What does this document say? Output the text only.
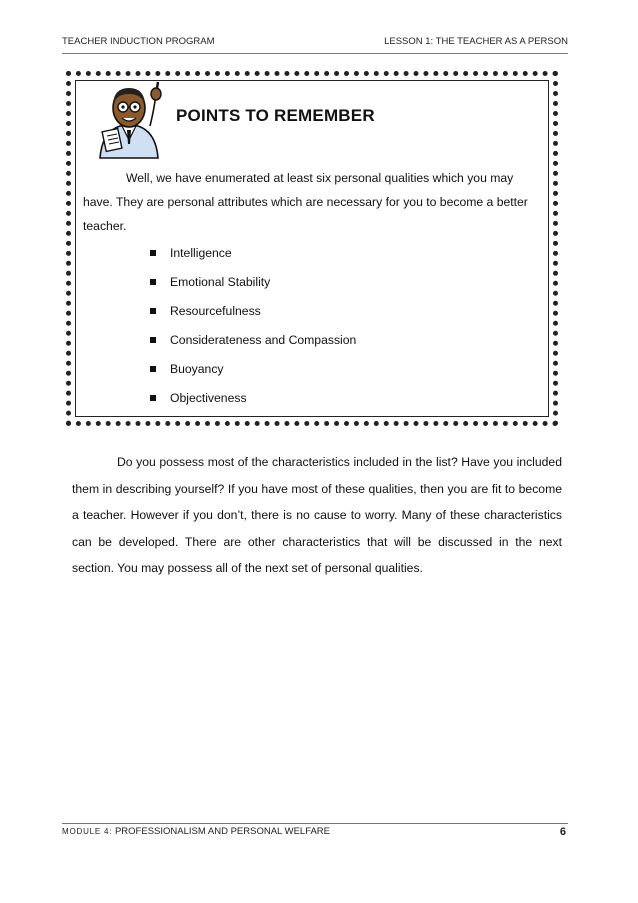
TEACHER INDUCTION PROGRAM	LESSON 1: THE TEACHER AS A PERSON
POINTS TO REMEMBER
Well, we have enumerated at least six personal qualities which you may have. They are personal attributes which are necessary for you to become a better teacher.
Intelligence
Emotional Stability
Resourcefulness
Considerateness and Compassion
Buoyancy
Objectiveness
Do you possess most of the characteristics included in the list? Have you included them in describing yourself? If you have most of these qualities, then you are fit to become a teacher. However if you don’t, there is no cause to worry. Many of these characteristics can be developed. There are other characteristics that will be discussed in the next section. You may possess all of the next set of personal qualities.
MODULE 4: PROFESSIONALISM AND PERSONAL WELFARE	6
